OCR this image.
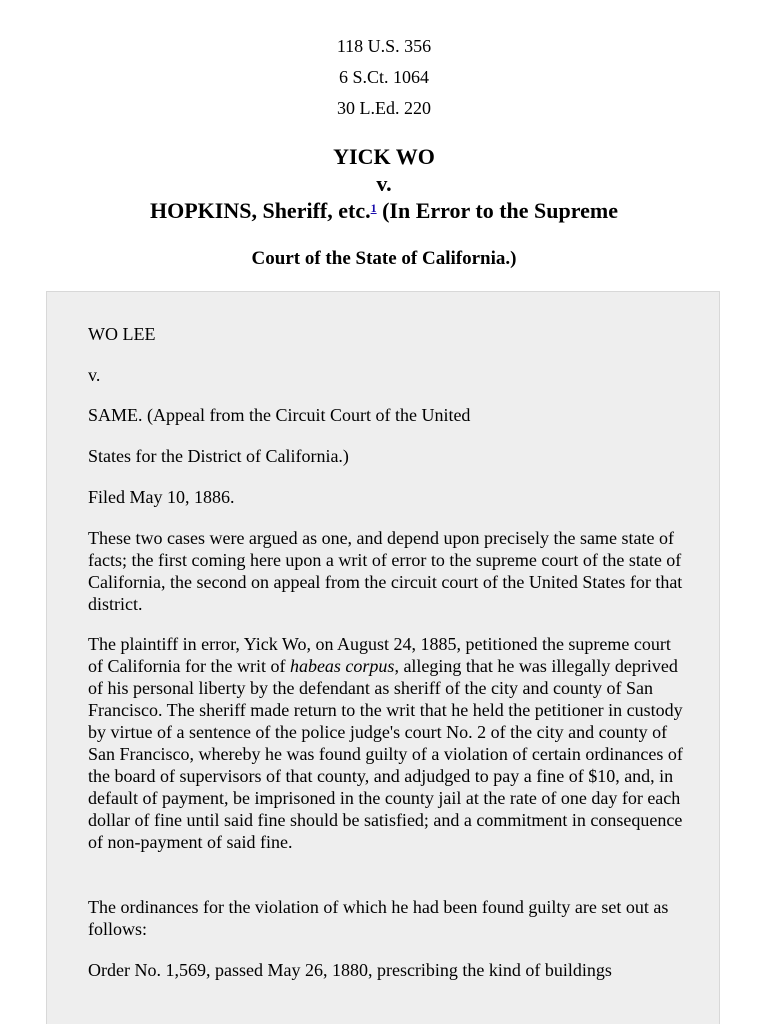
118 U.S. 356
6 S.Ct. 1064
30 L.Ed. 220
YICK WO
v.
HOPKINS, Sheriff, etc.$^1$ (In Error to the Supreme
Court of the State of California.)

WO LEE

v.

SAME. (Appeal from the Circuit Court of the United

States for the District of California.)

Filed May 10, 1886.

These two cases were argued as one, and depend upon precisely the same state of facts; the first coming here upon a writ of error to the supreme court of the state of California, the second on appeal from the circuit court of the United States for that district.

The plaintiff in error, Yick Wo, on August 24, 1885, petitioned the supreme court of California for the writ of habeas corpus, alleging that he was illegally deprived of his personal liberty by the defendant as sheriff of the city and county of San Francisco. The sheriff made return to the writ that he held the petitioner in custody by virtue of a sentence of the police judge's court No. 2 of the city and county of San Francisco, whereby he was found guilty of a violation of certain ordinances of the board of supervisors of that county, and adjudged to pay a fine of $10, and, in default of payment, be imprisoned in the county jail at the rate of one day for each dollar of fine until said fine should be satisfied; and a commitment in consequence of non-payment of said fine.

The ordinances for the violation of which he had been found guilty are set out as follows:

Order No. 1,569, passed May 26, 1880, prescribing the kind of buildings
